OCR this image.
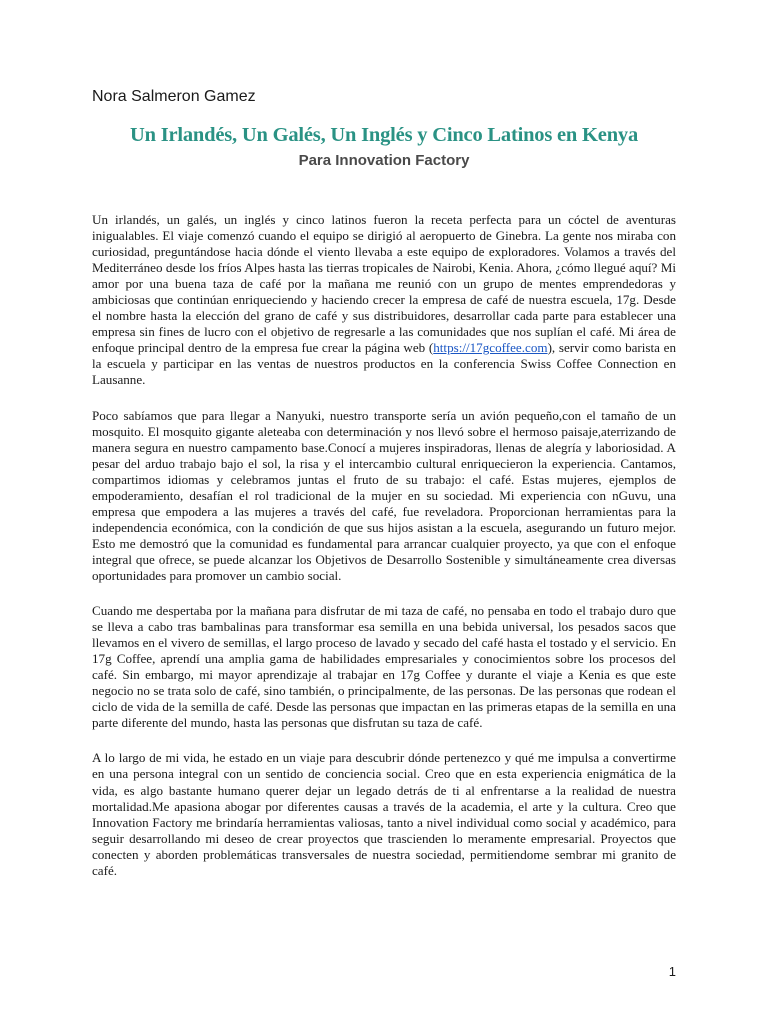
Nora Salmeron Gamez

Un Irlandés, Un Galés, Un Inglés y Cinco Latinos en Kenya
Para Innovation Factory

Un irlandés, un galés, un inglés y cinco latinos fueron la receta perfecta para un cóctel de aventuras inigualables. El viaje comenzó cuando el equipo se dirigió al aeropuerto de Ginebra. La gente nos miraba con curiosidad, preguntándose hacia dónde el viento llevaba a este equipo de exploradores. Volamos a través del Mediterráneo desde los fríos Alpes hasta las tierras tropicales de Nairobi, Kenia. Ahora, ¿cómo llegué aquí? Mi amor por una buena taza de café por la mañana me reunió con un grupo de mentes emprendedoras y ambiciosas que continúan enriqueciendo y haciendo crecer la empresa de café de nuestra escuela, 17g. Desde el nombre hasta la elección del grano de café y sus distribuidores, desarrollar cada parte para establecer una empresa sin fines de lucro con el objetivo de regresarle a las comunidades que nos suplían el café. Mi área de enfoque principal dentro de la empresa fue crear la página web (https://17gcoffee.com), servir como barista en la escuela y participar en las ventas de nuestros productos en la conferencia Swiss Coffee Connection en Lausanne.

Poco sabíamos que para llegar a Nanyuki, nuestro transporte sería un avión pequeño,con el tamaño de un mosquito. El mosquito gigante aleteaba con determinación y nos llevó sobre el hermoso paisaje,aterrizando de manera segura en nuestro campamento base.Conocí a mujeres inspiradoras, llenas de alegría y laboriosidad. A pesar del arduo trabajo bajo el sol, la risa y el intercambio cultural enriquecieron la experiencia. Cantamos, compartimos idiomas y celebramos juntas el fruto de su trabajo: el café. Estas mujeres, ejemplos de empoderamiento, desafían el rol tradicional de la mujer en su sociedad. Mi experiencia con nGuvu, una empresa que empodera a las mujeres a través del café, fue reveladora. Proporcionan herramientas para la independencia económica, con la condición de que sus hijos asistan a la escuela, asegurando un futuro mejor. Esto me demostró que la comunidad es fundamental para arrancar cualquier proyecto, ya que con el enfoque integral que ofrece, se puede alcanzar los Objetivos de Desarrollo Sostenible y simultáneamente crea diversas oportunidades para promover un cambio social.

Cuando me despertaba por la mañana para disfrutar de mi taza de café, no pensaba en todo el trabajo duro que se lleva a cabo tras bambalinas para transformar esa semilla en una bebida universal, los pesados sacos que llevamos en el vivero de semillas, el largo proceso de lavado y secado del café hasta el tostado y el servicio. En 17g Coffee, aprendí una amplia gama de habilidades empresariales y conocimientos sobre los procesos del café. Sin embargo, mi mayor aprendizaje al trabajar en 17g Coffee y durante el viaje a Kenia es que este negocio no se trata solo de café, sino también, o principalmente, de las personas. De las personas que rodean el ciclo de vida de la semilla de café. Desde las personas que impactan en las primeras etapas de la semilla en una parte diferente del mundo, hasta las personas que disfrutan su taza de café.

A lo largo de mi vida, he estado en un viaje para descubrir dónde pertenezco y qué me impulsa a convertirme en una persona integral con un sentido de conciencia social. Creo que en esta experiencia enigmática de la vida, es algo bastante humano querer dejar un legado detrás de ti al enfrentarse a la realidad de nuestra mortalidad.Me apasiona abogar por diferentes causas a través de la academia, el arte y la cultura. Creo que Innovation Factory me brindaría herramientas valiosas, tanto a nivel individual como social y académico, para seguir desarrollando mi deseo de crear proyectos que trascienden lo meramente empresarial. Proyectos que conecten y aborden problemáticas transversales de nuestra sociedad, permitiendome sembrar mi granito de café.

1
